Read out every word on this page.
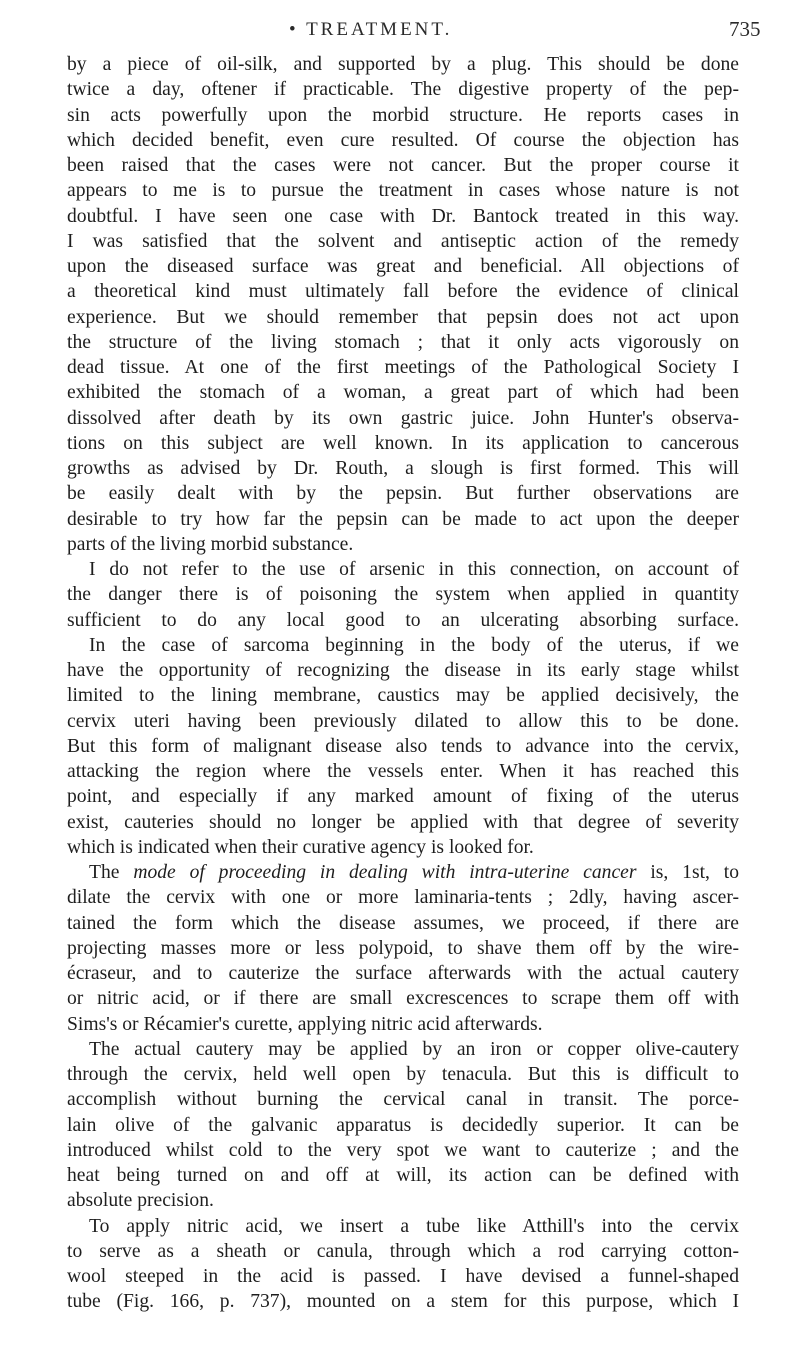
• TREATMENT.	735
by a piece of oil-silk, and supported by a plug. This should be done
twice a day, oftener if practicable. The digestive property of the pep-
sin acts powerfully upon the morbid structure. He reports cases in
which decided benefit, even cure resulted. Of course the objection has
been raised that the cases were not cancer. But the proper course it
appears to me is to pursue the treatment in cases whose nature is not
doubtful. I have seen one case with Dr. Bantock treated in this way.
I was satisfied that the solvent and antiseptic action of the remedy
upon the diseased surface was great and beneficial. All objections of
a theoretical kind must ultimately fall before the evidence of clinical
experience. But we should remember that pepsin does not act upon
the structure of the living stomach ; that it only acts vigorously on
dead tissue. At one of the first meetings of the Pathological Society I
exhibited the stomach of a woman, a great part of which had been
dissolved after death by its own gastric juice. John Hunter's observa-
tions on this subject are well known. In its application to cancerous
growths as advised by Dr. Routh, a slough is first formed. This will
be easily dealt with by the pepsin. But further observations are
desirable to try how far the pepsin can be made to act upon the deeper
parts of the living morbid substance.
I do not refer to the use of arsenic in this connection, on account of
the danger there is of poisoning the system when applied in quantity
sufficient to do any local good to an ulcerating absorbing surface.
In the case of sarcoma beginning in the body of the uterus, if we
have the opportunity of recognizing the disease in its early stage whilst
limited to the lining membrane, caustics may be applied decisively, the
cervix uteri having been previously dilated to allow this to be done.
But this form of malignant disease also tends to advance into the cervix,
attacking the region where the vessels enter. When it has reached this
point, and especially if any marked amount of fixing of the uterus
exist, cauteries should no longer be applied with that degree of severity
which is indicated when their curative agency is looked for.
The mode of proceeding in dealing with intra-uterine cancer is, 1st, to
dilate the cervix with one or more laminaria-tents ; 2dly, having ascer-
tained the form which the disease assumes, we proceed, if there are
projecting masses more or less polypoid, to shave them off by the wire-
écraseur, and to cauterize the surface afterwards with the actual cautery
or nitric acid, or if there are small excrescences to scrape them off with
Sims's or Récamier's curette, applying nitric acid afterwards.
The actual cautery may be applied by an iron or copper olive-cautery
through the cervix, held well open by tenacula. But this is difficult to
accomplish without burning the cervical canal in transit. The porce-
lain olive of the galvanic apparatus is decidedly superior. It can be
introduced whilst cold to the very spot we want to cauterize ; and the
heat being turned on and off at will, its action can be defined with
absolute precision.
To apply nitric acid, we insert a tube like Atthill's into the cervix
to serve as a sheath or canula, through which a rod carrying cotton-
wool steeped in the acid is passed. I have devised a funnel-shaped
tube (Fig. 166, p. 737), mounted on a stem for this purpose, which I
